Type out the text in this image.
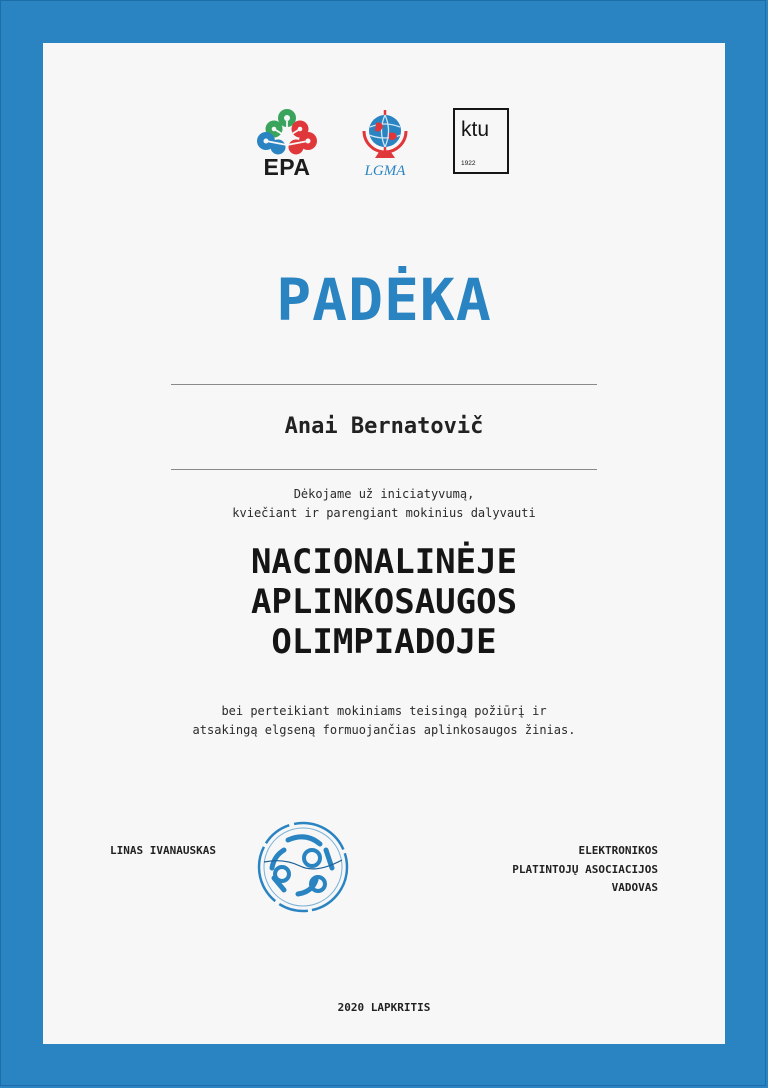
EPA	LGMA
ktu
1922
PADĖKA
Anai Bernatovič
Dėkojame už iniciatyvumą,
kviečiant ir parengiant mokinius dalyvauti
NACIONALINĖJE
APLINKOSAUGOS
OLIMPIADOJE
bei perteikiant mokiniams teisingą požiūrį ir
atsakingą elgseną formuojančias aplinkosaugos žinias.
LINAS IVANAUSKAS	ELEKTRONIKOS
PLATINTOJŲ ASOCIACIJOS
VADOVAS
2020 LAPKRITIS
